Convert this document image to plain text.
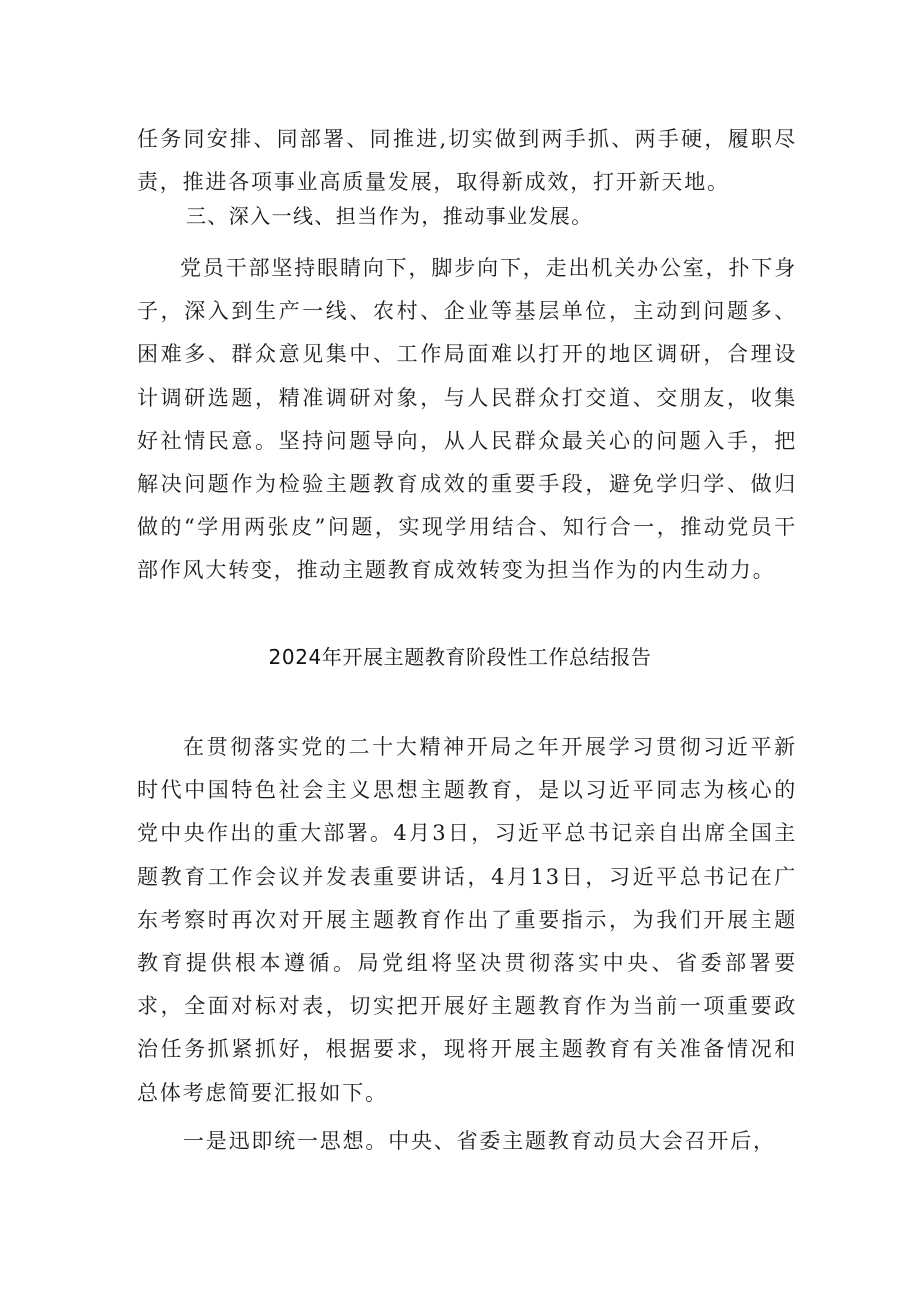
任务同安排、同部署、同推进,切实做到两手抓、两手硬，履职尽责，推进各项事业高质量发展，取得新成效，打开新天地。
三、深入一线、担当作为，推动事业发展。
党员干部坚持眼睛向下，脚步向下，走出机关办公室，扑下身子，深入到生产一线、农村、企业等基层单位，主动到问题多、困难多、群众意见集中、工作局面难以打开的地区调研，合理设计调研选题，精准调研对象，与人民群众打交道、交朋友，收集好社情民意。坚持问题导向，从人民群众最关心的问题入手，把解决问题作为检验主题教育成效的重要手段，避免学归学、做归做的“学用两张皮”问题，实现学用结合、知行合一，推动党员干部作风大转变，推动主题教育成效转变为担当作为的内生动力。
2024年开展主题教育阶段性工作总结报告
在贯彻落实党的二十大精神开局之年开展学习贯彻习近平新时代中国特色社会主义思想主题教育，是以习近平同志为核心的党中央作出的重大部署。4月3日，习近平总书记亲自出席全国主题教育工作会议并发表重要讲话，4月13日，习近平总书记在广东考察时再次对开展主题教育作出了重要指示，为我们开展主题教育提供根本遵循。局党组将坚决贯彻落实中央、省委部署要求，全面对标对表，切实把开展好主题教育作为当前一项重要政治任务抓紧抓好，根据要求，现将开展主题教育有关准备情况和总体考虑简要汇报如下。
一是迅即统一思想。中央、省委主题教育动员大会召开后，
